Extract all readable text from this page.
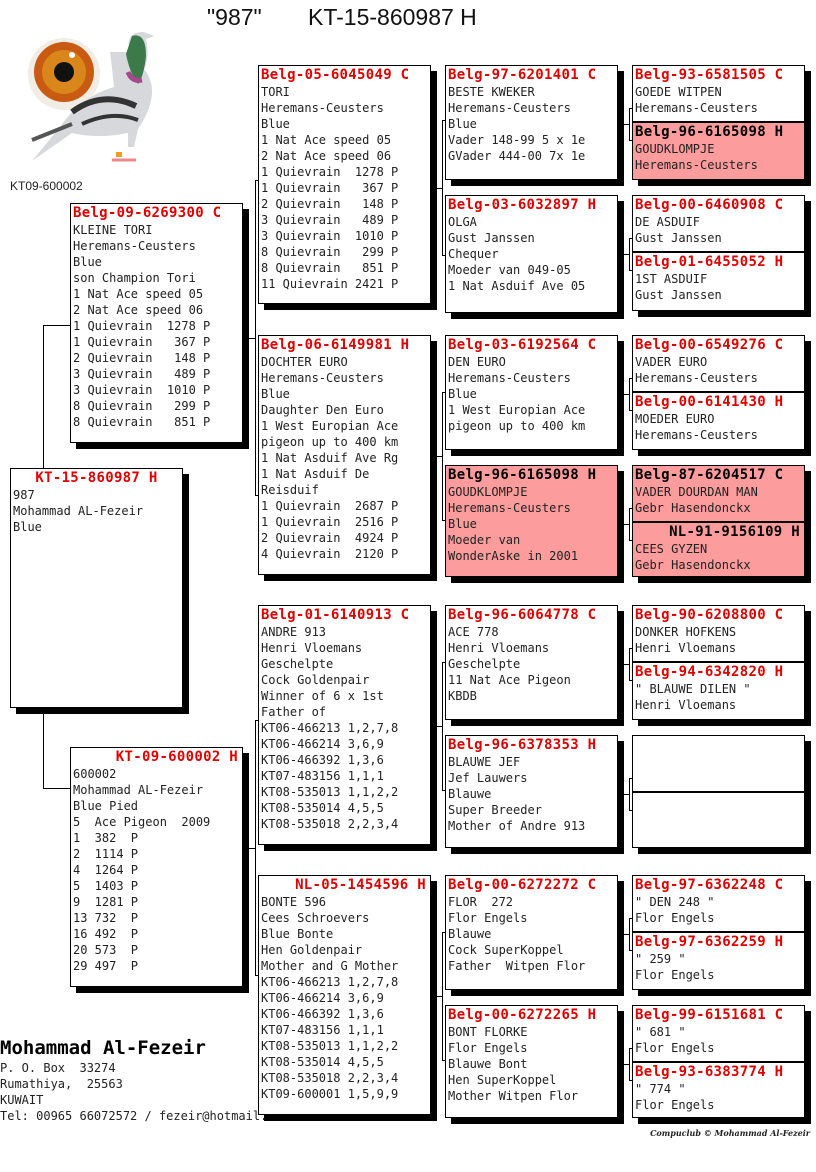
"987" KT-15-860987 H
KT09-600002
KT-15-860987 H
987
Mohammad AL-Fezeir
Blue
Belg-09-6269300 C
KLEINE TORI
Heremans-Ceusters
Blue
son Champion Tori
1 Nat Ace speed 05
2 Nat Ace speed 06
1 Quievrain  1278 P
1 Quievrain   367 P
2 Quievrain   148 P
3 Quievrain   489 P
3 Quievrain  1010 P
8 Quievrain   299 P
8 Quievrain   851 P
KT-09-600002 H
600002
Mohammad AL-Fezeir
Blue Pied
5  Ace Pigeon  2009
1  382  P
2  1114 P
4  1264 P
5  1403 P
9  1281 P
13 732  P
16 492  P
20 573  P
29 497  P
Belg-05-6045049 C
TORI
Heremans-Ceusters
Blue
1 Nat Ace speed 05
2 Nat Ace speed 06
1 Quievrain  1278 P
1 Quievrain   367 P
2 Quievrain   148 P
3 Quievrain   489 P
3 Quievrain  1010 P
8 Quievrain   299 P
8 Quievrain   851 P
11 Quievrain 2421 P
Belg-06-6149981 H
DOCHTER EURO
Heremans-Ceusters
Blue
Daughter Den Euro
1 West Europian Ace
pigeon up to 400 km
1 Nat Asduif Ave Rg
1 Nat Asduif De
Reisduif
1 Quievrain  2687 P
1 Quievrain  2516 P
2 Quievrain  4924 P
4 Quievrain  2120 P
Belg-01-6140913 C
ANDRE 913
Henri Vloemans
Geschelpte
Cock Goldenpair
Winner of 6 x 1st
Father of
KT06-466213 1,2,7,8
KT06-466214 3,6,9
KT06-466392 1,3,6
KT07-483156 1,1,1
KT08-535013 1,1,2,2
KT08-535014 4,5,5
KT08-535018 2,2,3,4
NL-05-1454596 H
BONTE 596
Cees Schroevers
Blue Bonte
Hen Goldenpair
Mother and G Mother
KT06-466213 1,2,7,8
KT06-466214 3,6,9
KT06-466392 1,3,6
KT07-483156 1,1,1
KT08-535013 1,1,2,2
KT08-535014 4,5,5
KT08-535018 2,2,3,4
KT09-600001 1,5,9,9
Belg-97-6201401 C
BESTE KWEKER
Heremans-Ceusters
Blue
Vader 148-99 5 x 1e
GVader 444-00 7x 1e
Belg-03-6032897 H
OLGA
Gust Janssen
Chequer
Moeder van 049-05
1 Nat Asduif Ave 05
Belg-03-6192564 C
DEN EURO
Heremans-Ceusters
Blue
1 West Europian Ace
pigeon up to 400 km
Belg-96-6165098 H
GOUDKLOMPJE
Heremans-Ceusters
Blue
Moeder van
WonderAske in 2001
Belg-96-6064778 C
ACE 778
Henri Vloemans
Geschelpte
11 Nat Ace Pigeon
KBDB
Belg-96-6378353 H
BLAUWE JEF
Jef Lauwers
Blauwe
Super Breeder
Mother of Andre 913
Belg-00-6272272 C
FLOR  272
Flor Engels
Blauwe
Cock SuperKoppel
Father  Witpen Flor
Belg-00-6272265 H
BONT FLORKE
Flor Engels
Blauwe Bont
Hen SuperKoppel
Mother Witpen Flor
Belg-93-6581505 C
GOEDE WITPEN
Heremans-Ceusters
Belg-96-6165098 H
GOUDKLOMPJE
Heremans-Ceusters
Belg-00-6460908 C
DE ASDUIF
Gust Janssen
Belg-01-6455052 H
1ST ASDUIF
Gust Janssen
Belg-00-6549276 C
VADER EURO
Heremans-Ceusters
Belg-00-6141430 H
MOEDER EURO
Heremans-Ceusters
Belg-87-6204517 C
VADER DOURDAN MAN
Gebr Hasendonckx
NL-91-9156109 H
CEES GYZEN
Gebr Hasendonckx
Belg-90-6208800 C
DONKER HOFKENS
Henri Vloemans
Belg-94-6342820 H
" BLAUWE DILEN "
Henri Vloemans
Belg-97-6362248 C
" DEN 248 "
Flor Engels
Belg-97-6362259 H
" 259 "
Flor Engels
Belg-99-6151681 C
" 681 "
Flor Engels
Belg-93-6383774 H
" 774 "
Flor Engels
Mohammad Al-Fezeir
P. O. Box  33274
Rumathiya,  25563
KUWAIT
Tel: 00965 66072572 / fezeir@hotmail.
Compuclub © Mohammad Al-Fezeir
